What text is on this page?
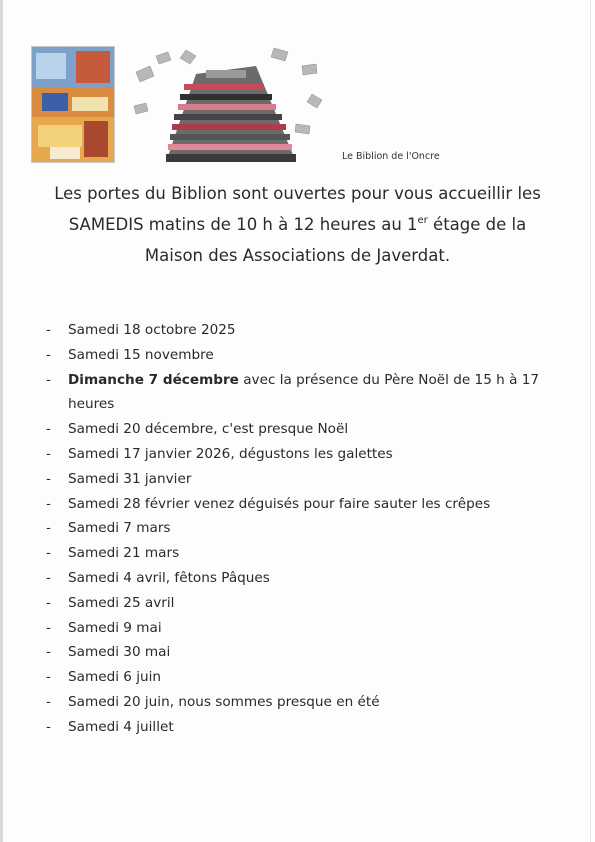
Le Biblion de l'Oncre
Les portes du Biblion sont ouvertes pour vous accueillir les
SAMEDIS matins de 10 h à 12 heures au 1er étage de la
Maison des Associations de Javerdat.
- Samedi 18 octobre 2025
- Samedi 15 novembre
- Dimanche 7 décembre avec la présence du Père Noël de 15 h à 17 heures
- Samedi 20 décembre, c'est presque Noël
- Samedi 17 janvier 2026, dégustons les galettes
- Samedi 31 janvier
- Samedi 28 février venez déguisés pour faire sauter les crêpes
- Samedi 7 mars
- Samedi 21 mars
- Samedi 4 avril, fêtons Pâques
- Samedi 25 avril
- Samedi 9 mai
- Samedi 30 mai
- Samedi 6 juin
- Samedi 20 juin, nous sommes presque en été
- Samedi 4 juillet
